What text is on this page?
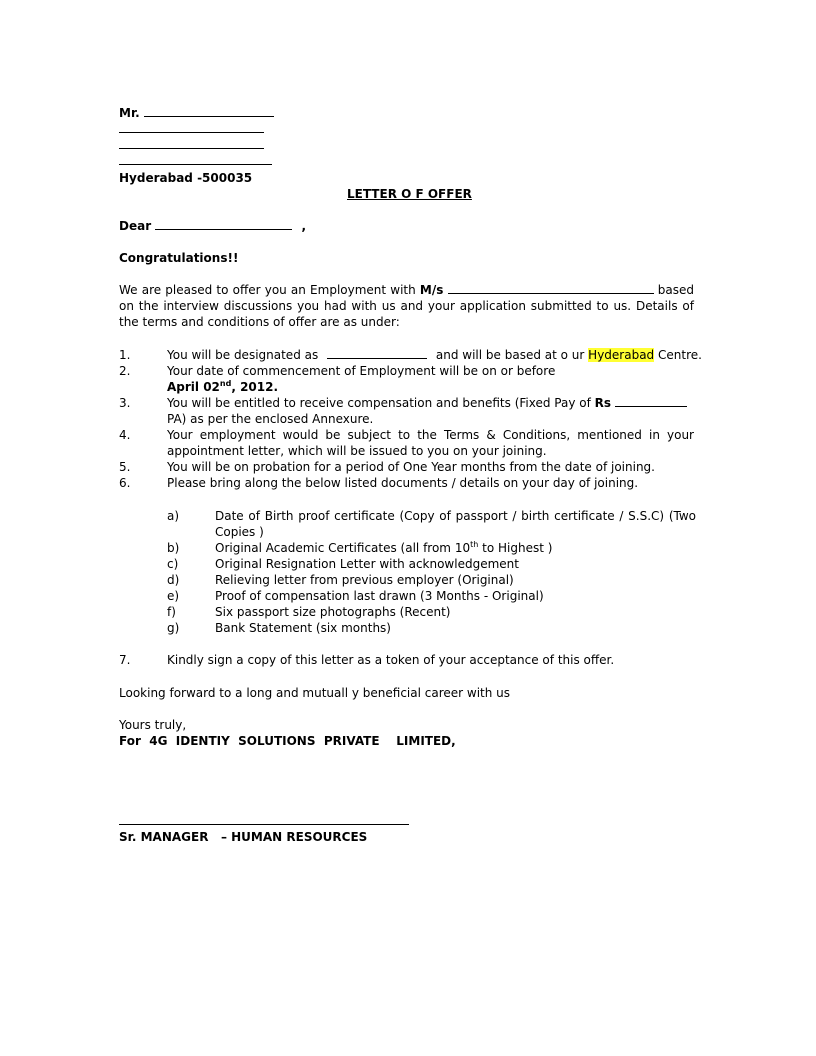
Mr.
Hyderabad -500035
LETTER O F OFFER
Dear	,
Congratulations!!
We are pleased to offer you an Employment with M/s	based on the interview discussions you had with us and your application submitted to us. Details of the terms and conditions of offer are as under:
1.	You will be designated as	and will be based at o ur Hyderabad Centre.
2.	Your date of commencement of Employment will be on or before
April 02nd, 2012.
3.	You will be entitled to receive compensation and benefits (Fixed Pay of Rs
PA) as per the enclosed Annexure.
4.	Your employment would be subject to the Terms & Conditions, mentioned in your appointment letter, which will be issued to you on your joining.
5.	You will be on probation for a period of One Year months from the date of joining.
6.	Please bring along the below listed documents / details on your day of joining.
a)	Date of Birth proof certificate (Copy of passport / birth certificate / S.S.C) (Two Copies )
b)	Original Academic Certificates (all from 10th to Highest )
c)	Original Resignation Letter with acknowledgement
d)	Relieving letter from previous employer (Original)
e)	Proof of compensation last drawn (3 Months - Original)
f)	Six passport size photographs (Recent)
g)	Bank Statement (six months)
7.	Kindly sign a copy of this letter as a token of your acceptance of this offer.
Looking forward to a long and mutuall y beneficial career with us
Yours truly,
For  4G  IDENTIY  SOLUTIONS  PRIVATE    LIMITED,
Sr. MANAGER   – HUMAN RESOURCES
